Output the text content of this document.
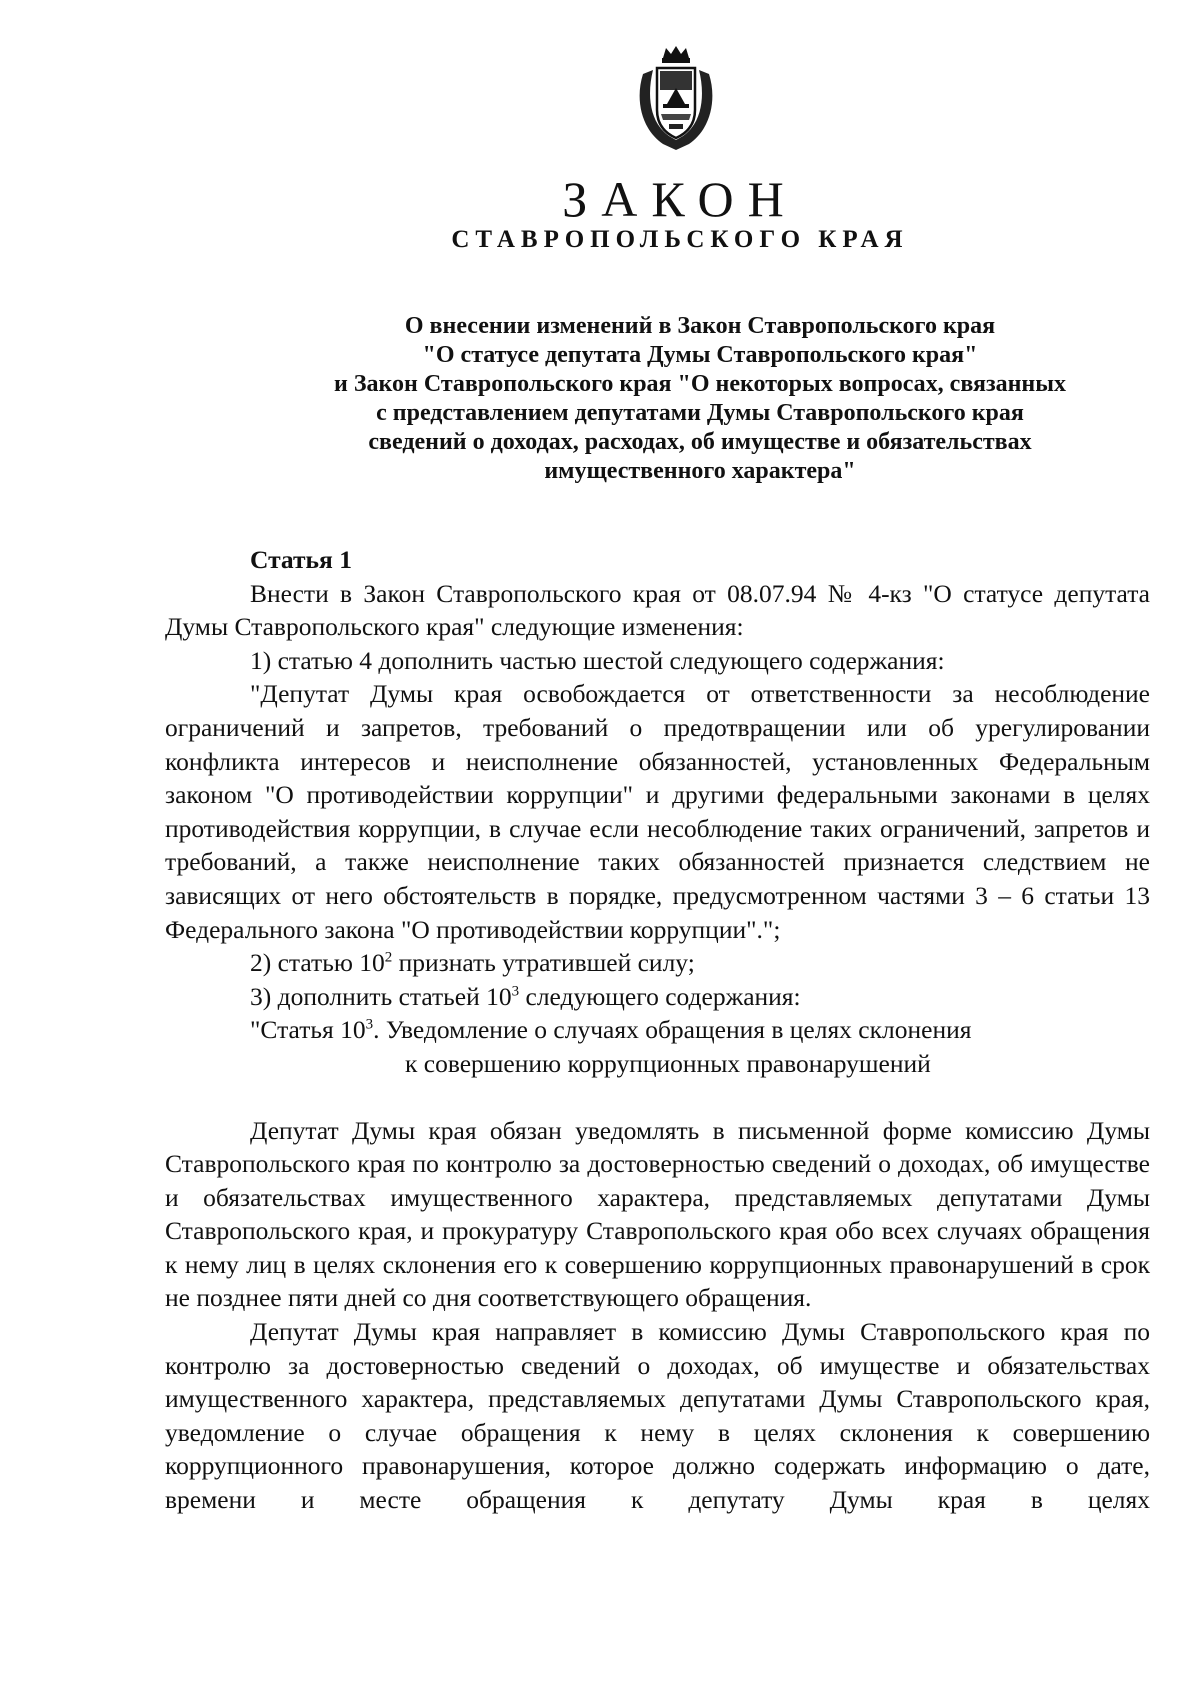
ЗАКОН
СТАВРОПОЛЬСКОГО КРАЯ
О внесении изменений в Закон Ставропольского края
"О статусе депутата Думы Ставропольского края"
и Закон Ставропольского края "О некоторых вопросах, связанных
с представлением депутатами Думы Ставропольского края
сведений о доходах, расходах, об имуществе и обязательствах
имущественного характера"

Статья 1

Внести в Закон Ставропольского края от 08.07.94 № 4-кз "О статусе депутата Думы Ставропольского края" следующие изменения:

1) статью 4 дополнить частью шестой следующего содержания:

"Депутат Думы края освобождается от ответственности за несоблюдение ограничений и запретов, требований о предотвращении или об урегулировании конфликта интересов и неисполнение обязанностей, установленных Федеральным законом "О противодействии коррупции" и другими федеральными законами в целях противодействия коррупции, в случае если несоблюдение таких ограничений, запретов и требований, а также неисполнение таких обязанностей признается следствием не зависящих от него обстоятельств в порядке, предусмотренном частями 3 – 6 статьи 13 Федерального закона "О противодействии коррупции".";

2) статью $10^2$ признать утратившей силу;

3) дополнить статьей $10^3$ следующего содержания:

"Статья $10^3$. Уведомление о случаях обращения в целях склонения

к совершению коррупционных правонарушений

Депутат Думы края обязан уведомлять в письменной форме комиссию Думы Ставропольского края по контролю за достоверностью сведений о доходах, об имуществе и обязательствах имущественного характера, представляемых депутатами Думы Ставропольского края, и прокуратуру Ставропольского края обо всех случаях обращения к нему лиц в целях склонения его к совершению коррупционных правонарушений в срок не позднее пяти дней со дня соответствующего обращения.

Депутат Думы края направляет в комиссию Думы Ставропольского края по контролю за достоверностью сведений о доходах, об имуществе и обязательствах имущественного характера, представляемых депутатами Думы Ставропольского края, уведомление о случае обращения к нему в целях склонения к совершению коррупционного правонарушения, которое должно содержать информацию о дате, времени и месте обращения к депутату Думы края в целях
